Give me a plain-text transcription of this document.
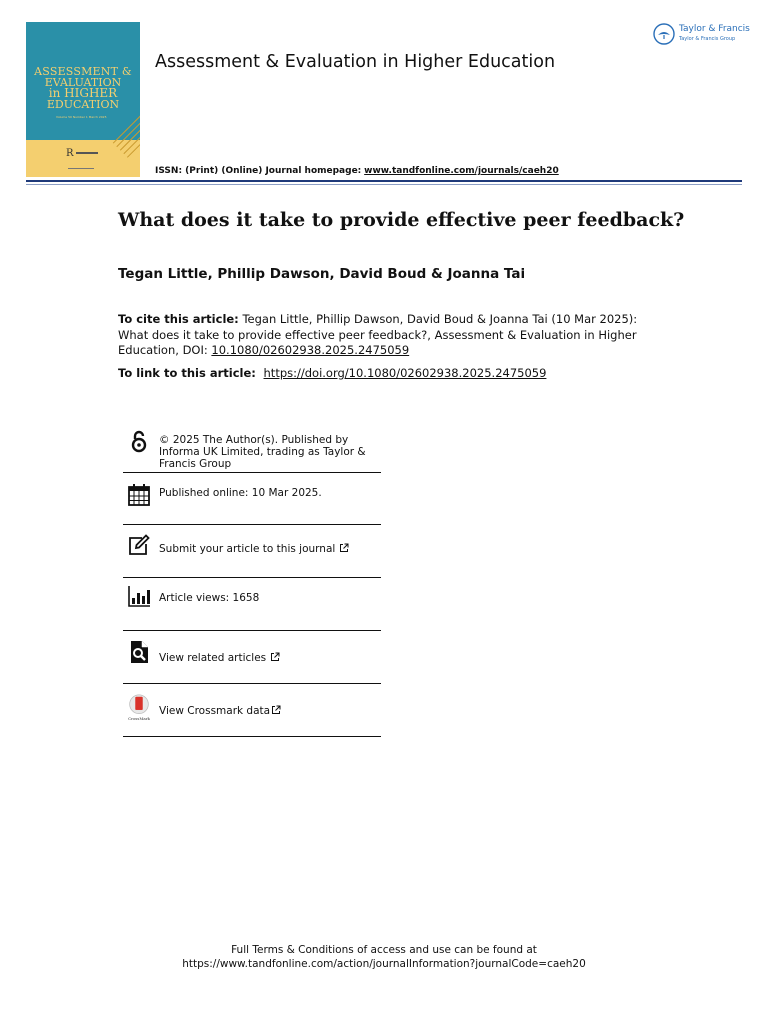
ASSESSMENT &
EVALUATION
in HIGHER
EDUCATION
Volume 50 Number 1 March 2025
R
Assessment & Evaluation in Higher Education
ISSN: (Print) (Online) Journal homepage: www.tandfonline.com/journals/caeh20
Taylor & Francis
Taylor & Francis Group
What does it take to provide effective peer feedback?
Tegan Little, Phillip Dawson, David Boud & Joanna Tai
To cite this article: Tegan Little, Phillip Dawson, David Boud & Joanna Tai (10 Mar 2025): What does it take to provide effective peer feedback?, Assessment & Evaluation in Higher Education, DOI: 10.1080/02602938.2025.2475059
To link to this article: https://doi.org/10.1080/02602938.2025.2475059
© 2025 The Author(s). Published by Informa UK Limited, trading as Taylor & Francis Group
Published online: 10 Mar 2025.
Submit your article to this journal
Article views: 1658
View related articles
CrossMark
View Crossmark data
Full Terms & Conditions of access and use can be found at
https://www.tandfonline.com/action/journalInformation?journalCode=caeh20
